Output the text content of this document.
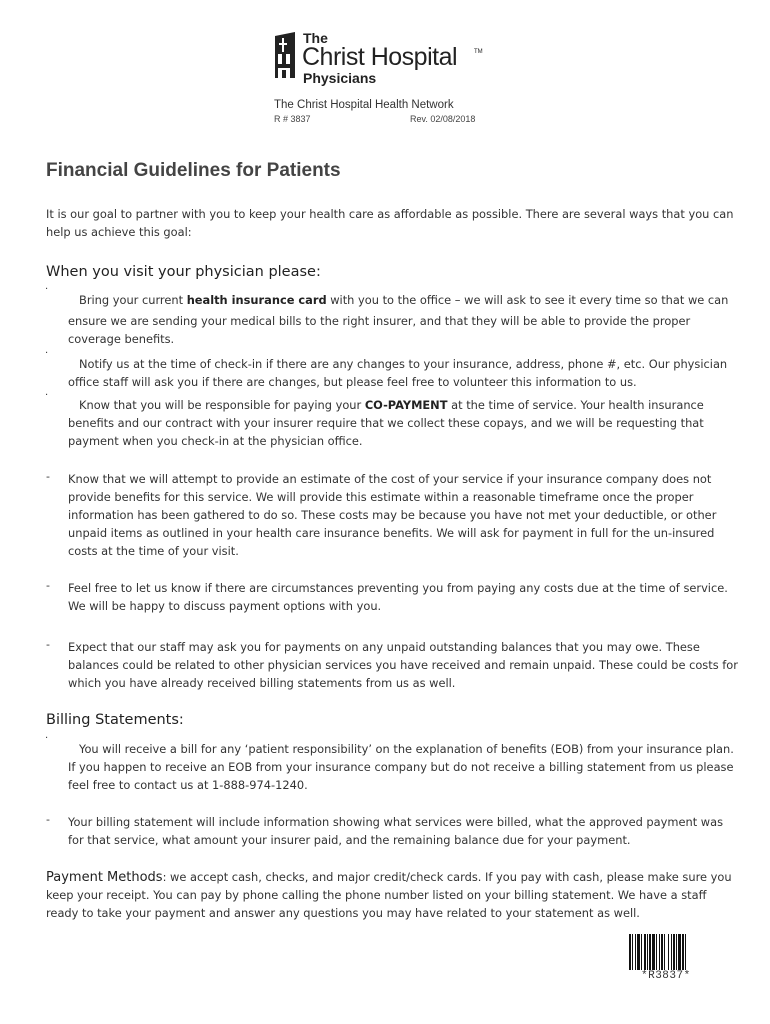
The
Christ Hospital	TM
Physicians
The Christ Hospital Health Network
R # 3837	Rev. 02/08/2018
Financial Guidelines for Patients
It is our goal to partner with you to keep your health care as affordable as possible. There are several ways that you can
help us achieve this goal:
When you visit your physician please:
·
Bring your current health insurance card with you to the office – we will ask to see it every time so that we can
ensure we are sending your medical bills to the right insurer, and that they will be able to provide the proper
coverage benefits.
·
Notify us at the time of check-in if there are any changes to your insurance, address, phone #, etc. Our physician
office staff will ask you if there are changes, but please feel free to volunteer this information to us.
·
Know that you will be responsible for paying your CO-PAYMENT at the time of service. Your health insurance
benefits and our contract with your insurer require that we collect these copays, and we will be requesting that
payment when you check-in at the physician office.
- Know that we will attempt to provide an estimate of the cost of your service if your insurance company does not
provide benefits for this service. We will provide this estimate within a reasonable timeframe once the proper
information has been gathered to do so. These costs may be because you have not met your deductible, or other
unpaid items as outlined in your health care insurance benefits. We will ask for payment in full for the un-insured
costs at the time of your visit.
- Feel free to let us know if there are circumstances preventing you from paying any costs due at the time of service.
We will be happy to discuss payment options with you.
- Expect that our staff may ask you for payments on any unpaid outstanding balances that you may owe. These
balances could be related to other physician services you have received and remain unpaid. These could be costs for
which you have already received billing statements from us as well.
Billing Statements:
·
You will receive a bill for any ‘patient responsibility’ on the explanation of benefits (EOB) from your insurance plan.
If you happen to receive an EOB from your insurance company but do not receive a billing statement from us please
feel free to contact us at 1-888-974-1240.
- Your billing statement will include information showing what services were billed, what the approved payment was
for that service, what amount your insurer paid, and the remaining balance due for your payment.
Payment Methods: we accept cash, checks, and major credit/check cards. If you pay with cash, please make sure you
keep your receipt. You can pay by phone calling the phone number listed on your billing statement. We have a staff
ready to take your payment and answer any questions you may have related to your statement as well.
*R3837*
